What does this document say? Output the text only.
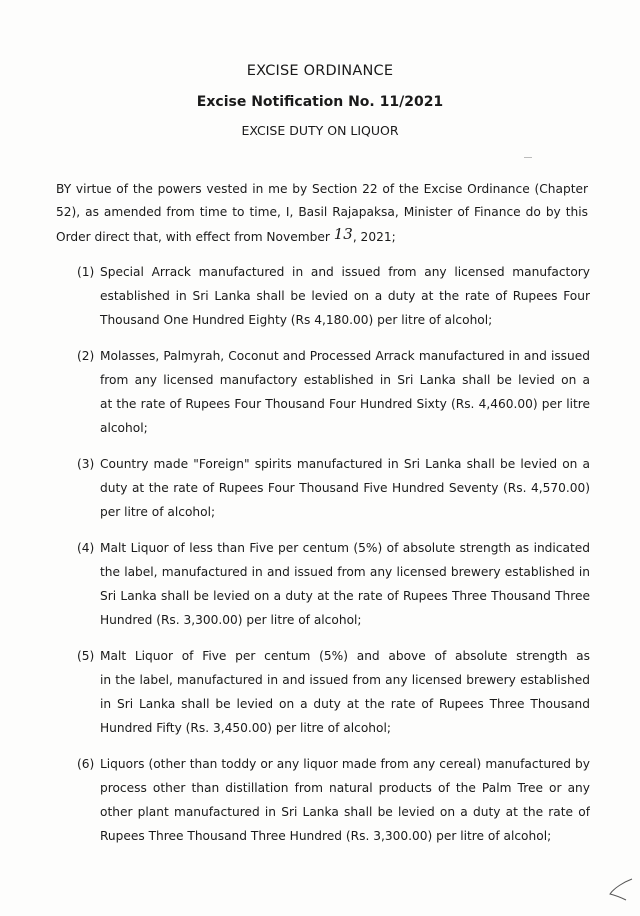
EXCISE ORDINANCE
Excise Notification No. 11/2021
EXCISE DUTY ON LIQUOR
BY virtue of the powers vested in me by Section 22 of the Excise Ordinance (Chapter
52), as amended from time to time, I, Basil Rajapaksa, Minister of Finance do by this
Order direct that, with effect from November 13, 2021;
(1) Special Arrack manufactured in and issued from any licensed manufactory
established in Sri Lanka shall be levied on a duty at the rate of Rupees Four
Thousand One Hundred Eighty (Rs 4,180.00) per litre of alcohol;
(2) Molasses, Palmyrah, Coconut and Processed Arrack manufactured in and issued
from any licensed manufactory established in Sri Lanka shall be levied on a
at the rate of Rupees Four Thousand Four Hundred Sixty (Rs. 4,460.00) per litre
alcohol;
(3) Country made "Foreign" spirits manufactured in Sri Lanka shall be levied on a
duty at the rate of Rupees Four Thousand Five Hundred Seventy (Rs. 4,570.00)
per litre of alcohol;
(4) Malt Liquor of less than Five per centum (5%) of absolute strength as indicated
the label, manufactured in and issued from any licensed brewery established in
Sri Lanka shall be levied on a duty at the rate of Rupees Three Thousand Three
Hundred (Rs. 3,300.00) per litre of alcohol;
(5) Malt Liquor of Five per centum (5%) and above of absolute strength as
in the label, manufactured in and issued from any licensed brewery established
in Sri Lanka shall be levied on a duty at the rate of Rupees Three Thousand
Hundred Fifty (Rs. 3,450.00) per litre of alcohol;
(6) Liquors (other than toddy or any liquor made from any cereal) manufactured by
process other than distillation from natural products of the Palm Tree or any
other plant manufactured in Sri Lanka shall be levied on a duty at the rate of
Rupees Three Thousand Three Hundred (Rs. 3,300.00) per litre of alcohol;
